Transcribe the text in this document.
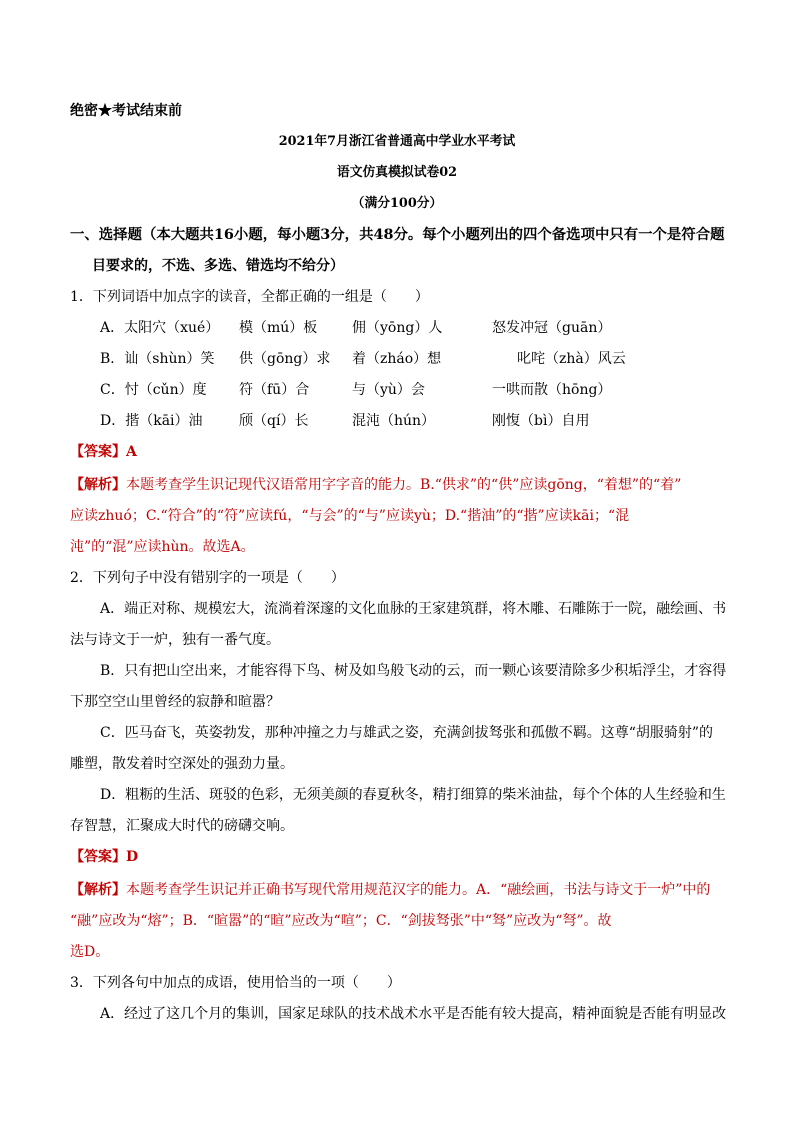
绝密★考试结束前
2021年7月浙江省普通高中学业水平考试
语文仿真模拟试卷02
（满分100分）
一、选择题（本大题共16小题，每小题3分，共48分。每个小题列出的四个备选项中只有一个是符合题
目要求的，不选、多选、错选均不给分）
1．下列词语中加点字的读音，全都正确的一组是（　　）
A．太阳穴（xué） 模（mú）板 佣（yōng）人	怒发冲冠（guān）
B．讪（shùn）笑 供（gōng）求 着（zháo）想	叱咤（zhà）风云
C．忖（cǔn）度 符（fū）合	与（yù）会	一哄而散（hōng）
D．揩（kāi）油	颀（qí）长	混沌（hún）	刚愎（bì）自用
【答案】A
【解析】本题考查学生识记现代汉语常用字字音的能力。B.“供求”的“供”应读gōng，“着想”的“着”
应读zhuó；C.“符合”的“符”应读fú，“与会”的“与”应读yù；D.“揩油”的“揩”应读kāi；“混
沌”的“混”应读hùn。故选A。
2．下列句子中没有错别字的一项是（　　）
A．端正对称、规模宏大，流淌着深邃的文化血脉的王家建筑群，将木雕、石雕陈于一院，融绘画、书
法与诗文于一炉，独有一番气度。
B．只有把山空出来，才能容得下鸟、树及如鸟般飞动的云，而一颗心该要清除多少积垢浮尘，才容得
下那空空山里曾经的寂静和暄嚣？
C．匹马奋飞，英姿勃发，那种冲撞之力与雄武之姿，充满剑拔驽张和孤傲不羁。这尊“胡服骑射”的
雕塑，散发着时空深处的强劲力量。
D．粗粝的生活、斑驳的色彩，无须美颜的春夏秋冬，精打细算的柴米油盐，每个个体的人生经验和生
存智慧，汇聚成大时代的磅礴交响。
【答案】D
【解析】本题考查学生识记并正确书写现代常用规范汉字的能力。A．“融绘画，书法与诗文于一炉”中的
“融”应改为“熔”；B．“暄嚣”的“暄”应改为“喧”；C．“剑拔驽张”中“驽”应改为“弩”。故
选D。
3．下列各句中加点的成语，使用恰当的一项（　　）
A．经过了这几个月的集训，国家足球队的技术战术水平是否能有较大提高，精神面貌是否能有明显改
